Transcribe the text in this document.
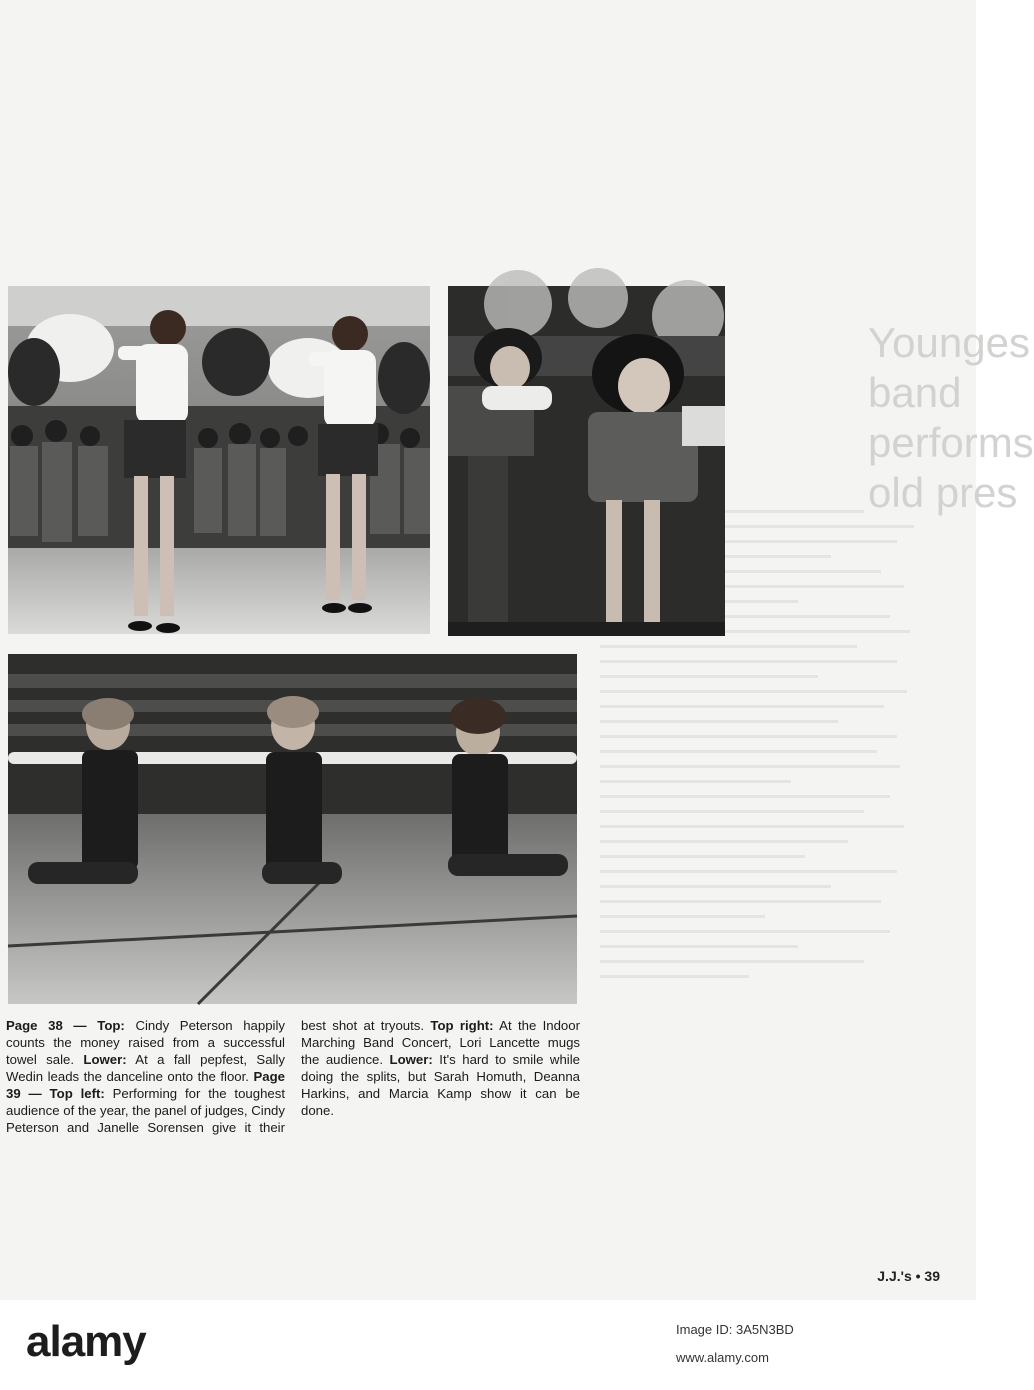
Younges
band
performs
old pres

Page 38 — Top: Cindy Peterson happily counts the money raised from a successful towel sale. Lower: At a fall pepfest, Sally Wedin leads the danceline onto the floor. Page 39 — Top left: Performing for the toughest audience of the year, the panel of judges, Cindy Peterson and Janelle Sorensen give it their best shot at tryouts. Top right: At the Indoor Marching Band Concert, Lori Lancette mugs the audience. Lower: It's hard to smile while doing the splits, but Sarah Homuth, Deanna Harkins, and Marcia Kamp show it can be done.

J.J.'s • 39
alamy	Image ID: 3A5N3BD
www.alamy.com
